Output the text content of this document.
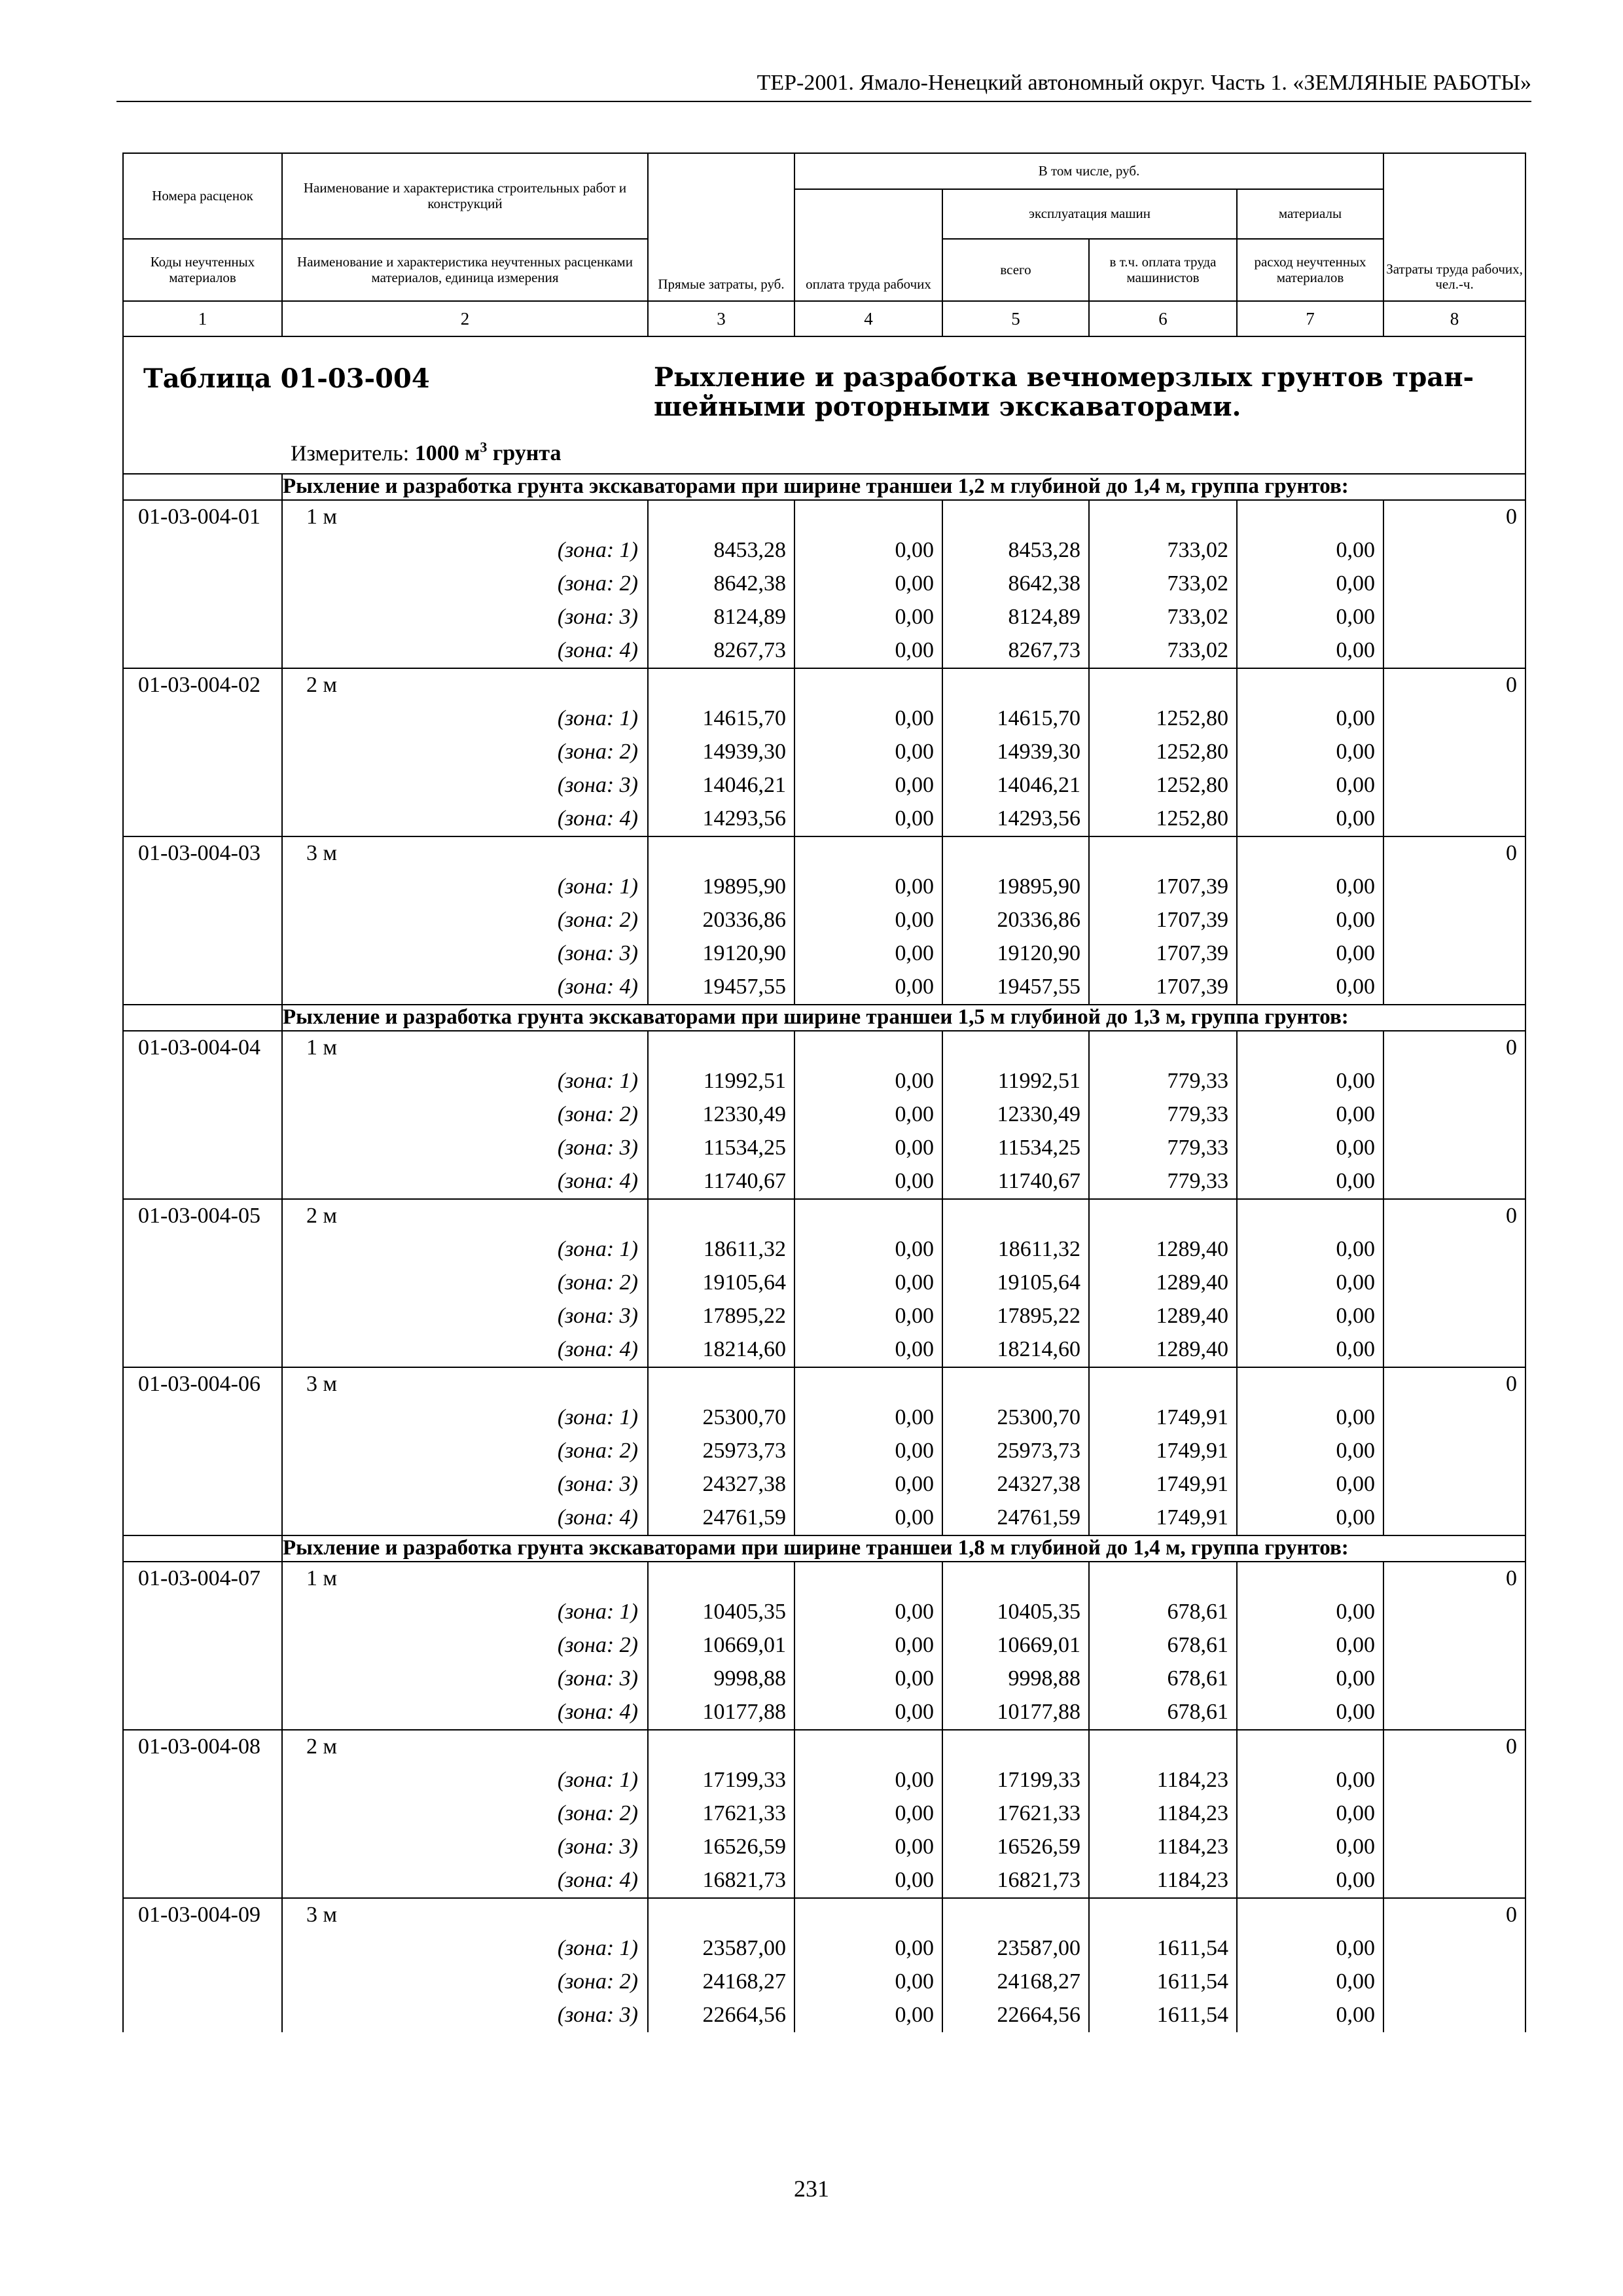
ТЕР-2001. Ямало-Ненецкий автономный округ. Часть 1. «ЗЕМЛЯНЫЕ РАБОТЫ»
Номера расценок	Наименование и характеристика строительных работ и конструкций	Прямые затраты, руб.	В том числе, руб.				Затраты труда рабочих, чел.-ч.
			оплата труда рабочих	эксплуатация машин		материалы	
Коды неучтенных материалов	Наименование и характеристика неучтенных расценками материалов, единица измерения			всего	в т.ч. оплата труда машинистов	расход неучтенных материалов	
1	2	3	4	5	6	7	8

Таблица 01-03-004 Рыхление и разработка вечномерзлых грунтов тран-
шейными роторными экскаваторами.
Измеритель: 1000 $м^3$ грунта							

	Рыхление и разработка грунта экскаваторами при ширине траншеи 1,2 м глубиной до 1,4 м, группа грунтов:						
01-03-004-01	1 м						0
	(зона: 1)	8453,28	0,00	8453,28	733,02	0,00	
	(зона: 2)	8642,38	0,00	8642,38	733,02	0,00	
	(зона: 3)	8124,89	0,00	8124,89	733,02	0,00	
	(зона: 4)	8267,73	0,00	8267,73	733,02	0,00	
01-03-004-02	2 м						0
	(зона: 1)	14615,70	0,00	14615,70	1252,80	0,00	
	(зона: 2)	14939,30	0,00	14939,30	1252,80	0,00	
	(зона: 3)	14046,21	0,00	14046,21	1252,80	0,00	
	(зона: 4)	14293,56	0,00	14293,56	1252,80	0,00	
01-03-004-03	3 м						0
	(зона: 1)	19895,90	0,00	19895,90	1707,39	0,00	
	(зона: 2)	20336,86	0,00	20336,86	1707,39	0,00	
	(зона: 3)	19120,90	0,00	19120,90	1707,39	0,00	
	(зона: 4)	19457,55	0,00	19457,55	1707,39	0,00	
	Рыхление и разработка грунта экскаваторами при ширине траншеи 1,5 м глубиной до 1,3 м, группа грунтов:						
01-03-004-04	1 м						0
	(зона: 1)	11992,51	0,00	11992,51	779,33	0,00	
	(зона: 2)	12330,49	0,00	12330,49	779,33	0,00	
	(зона: 3)	11534,25	0,00	11534,25	779,33	0,00	
	(зона: 4)	11740,67	0,00	11740,67	779,33	0,00	
01-03-004-05	2 м						0
	(зона: 1)	18611,32	0,00	18611,32	1289,40	0,00	
	(зона: 2)	19105,64	0,00	19105,64	1289,40	0,00	
	(зона: 3)	17895,22	0,00	17895,22	1289,40	0,00	
	(зона: 4)	18214,60	0,00	18214,60	1289,40	0,00	
01-03-004-06	3 м						0
	(зона: 1)	25300,70	0,00	25300,70	1749,91	0,00	
	(зона: 2)	25973,73	0,00	25973,73	1749,91	0,00	
	(зона: 3)	24327,38	0,00	24327,38	1749,91	0,00	
	(зона: 4)	24761,59	0,00	24761,59	1749,91	0,00	
	Рыхление и разработка грунта экскаваторами при ширине траншеи 1,8 м глубиной до 1,4 м, группа грунтов:						
01-03-004-07	1 м						0
	(зона: 1)	10405,35	0,00	10405,35	678,61	0,00	
	(зона: 2)	10669,01	0,00	10669,01	678,61	0,00	
	(зона: 3)	9998,88	0,00	9998,88	678,61	0,00	
	(зона: 4)	10177,88	0,00	10177,88	678,61	0,00	
01-03-004-08	2 м						0
	(зона: 1)	17199,33	0,00	17199,33	1184,23	0,00	
	(зона: 2)	17621,33	0,00	17621,33	1184,23	0,00	
	(зона: 3)	16526,59	0,00	16526,59	1184,23	0,00	
	(зона: 4)	16821,73	0,00	16821,73	1184,23	0,00	
01-03-004-09	3 м						0
	(зона: 1)	23587,00	0,00	23587,00	1611,54	0,00	
	(зона: 2)	24168,27	0,00	24168,27	1611,54	0,00	
	(зона: 3)	22664,56	0,00	22664,56	1611,54	0,00	
231
